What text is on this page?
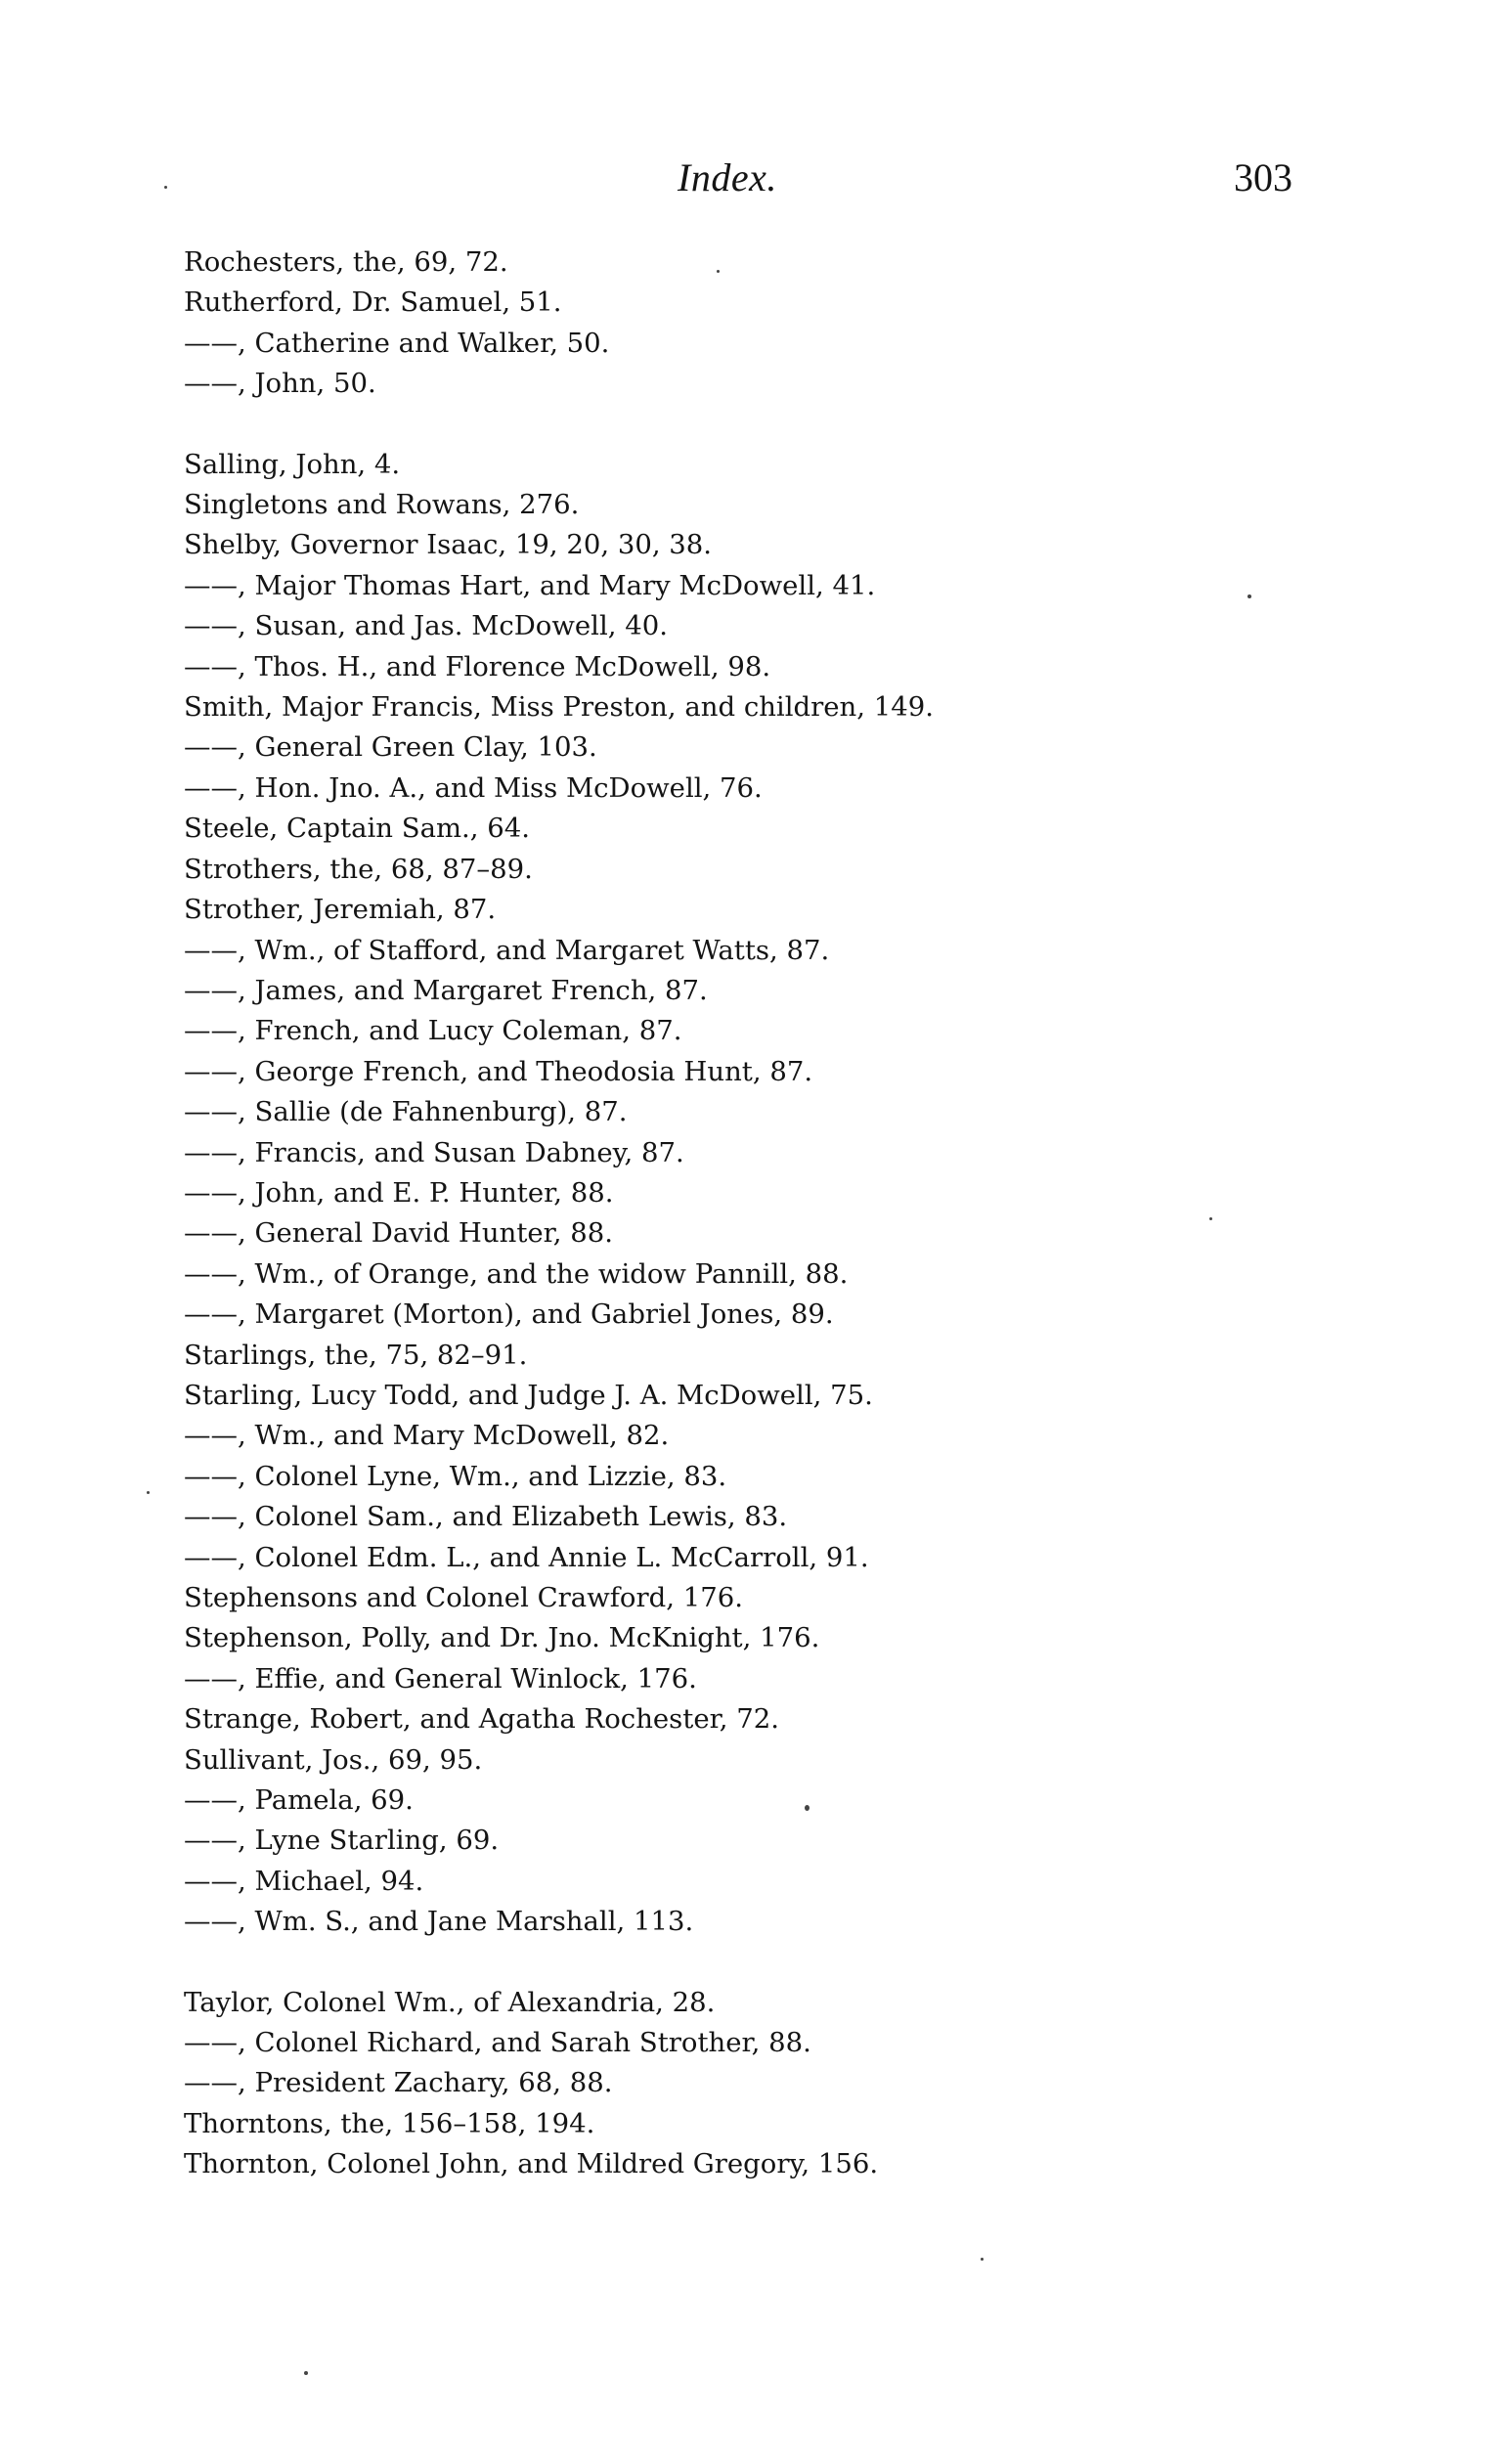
Index.	303
Rochesters, the, 69, 72.
Rutherford, Dr. Samuel, 51.
——, Catherine and Walker, 50.
——, John, 50.
Salling, John, 4.
Singletons and Rowans, 276.
Shelby, Governor Isaac, 19, 20, 30, 38.
——, Major Thomas Hart, and Mary McDowell, 41.
——, Susan, and Jas. McDowell, 40.
——, Thos. H., and Florence McDowell, 98.
Smith, Major Francis, Miss Preston, and children, 149.
——, General Green Clay, 103.
——, Hon. Jno. A., and Miss McDowell, 76.
Steele, Captain Sam., 64.
Strothers, the, 68, 87–89.
Strother, Jeremiah, 87.
——, Wm., of Stafford, and Margaret Watts, 87.
——, James, and Margaret French, 87.
——, French, and Lucy Coleman, 87.
——, George French, and Theodosia Hunt, 87.
——, Sallie (de Fahnenburg), 87.
——, Francis, and Susan Dabney, 87.
——, John, and E. P. Hunter, 88.
——, General David Hunter, 88.
——, Wm., of Orange, and the widow Pannill, 88.
——, Margaret (Morton), and Gabriel Jones, 89.
Starlings, the, 75, 82–91.
Starling, Lucy Todd, and Judge J. A. McDowell, 75.
——, Wm., and Mary McDowell, 82.
——, Colonel Lyne, Wm., and Lizzie, 83.
——, Colonel Sam., and Elizabeth Lewis, 83.
——, Colonel Edm. L., and Annie L. McCarroll, 91.
Stephensons and Colonel Crawford, 176.
Stephenson, Polly, and Dr. Jno. McKnight, 176.
——, Effie, and General Winlock, 176.
Strange, Robert, and Agatha Rochester, 72.
Sullivant, Jos., 69, 95.
——, Pamela, 69.
——, Lyne Starling, 69.
——, Michael, 94.
——, Wm. S., and Jane Marshall, 113.
Taylor, Colonel Wm., of Alexandria, 28.
——, Colonel Richard, and Sarah Strother, 88.
——, President Zachary, 68, 88.
Thorntons, the, 156–158, 194.
Thornton, Colonel John, and Mildred Gregory, 156.
